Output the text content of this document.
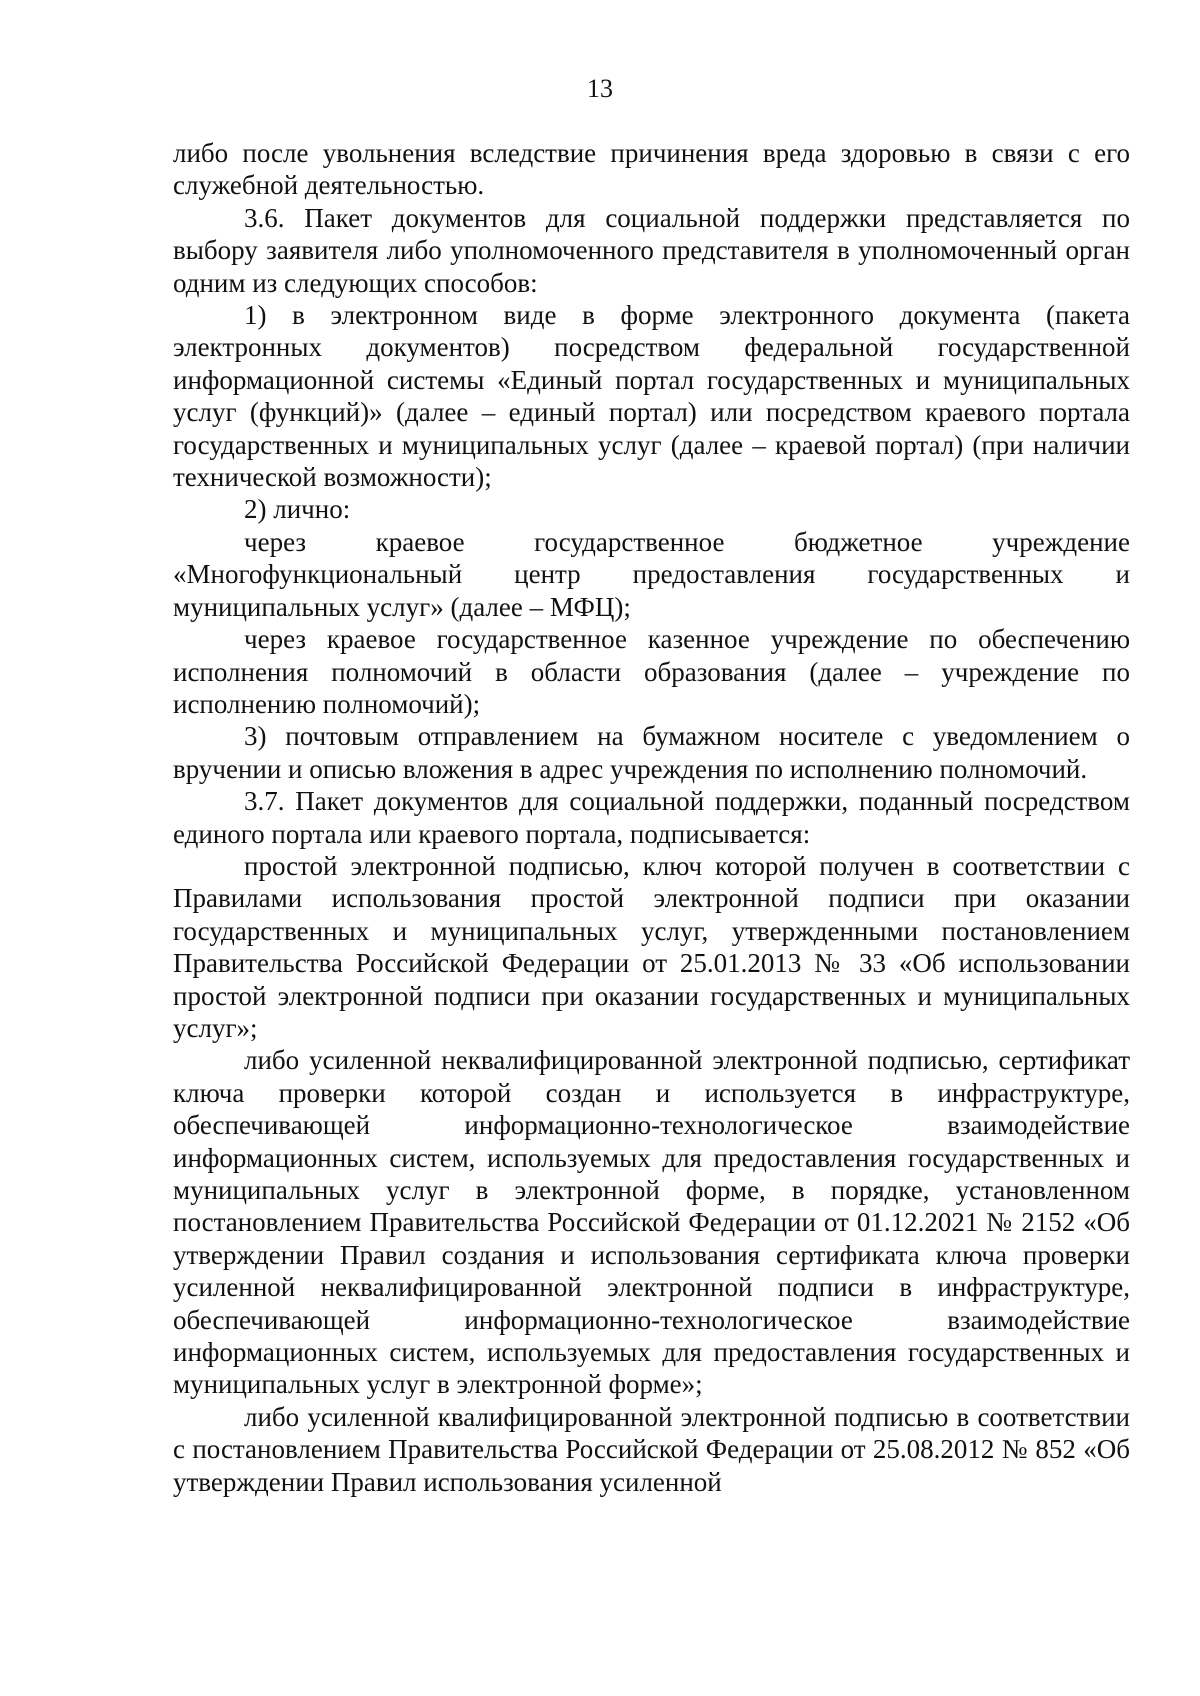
13

либо после увольнения вследствие причинения вреда здоровью в связи с его служебной деятельностью.

3.6. Пакет документов для социальной поддержки представляется по выбору заявителя либо уполномоченного представителя в уполномоченный орган одним из следующих способов:

1) в электронном виде в форме электронного документа (пакета электронных документов) посредством федеральной государственной информационной системы «Единый портал государственных и муниципальных услуг (функций)» (далее – единый портал) или посредством краевого портала государственных и муниципальных услуг (далее – краевой портал) (при наличии технической возможности);

2) лично:

через краевое государственное бюджетное учреждение «Многофункциональный центр предоставления государственных и муниципальных услуг» (далее – МФЦ);

через краевое государственное казенное учреждение по обеспечению исполнения полномочий в области образования (далее – учреждение по исполнению полномочий);

3) почтовым отправлением на бумажном носителе с уведомлением о вручении и описью вложения в адрес учреждения по исполнению полномочий.

3.7. Пакет документов для социальной поддержки, поданный посредством единого портала или краевого портала, подписывается:

простой электронной подписью, ключ которой получен в соответствии с Правилами использования простой электронной подписи при оказании государственных и муниципальных услуг, утвержденными постановлением Правительства Российской Федерации от 25.01.2013 № 33 «Об использовании простой электронной подписи при оказании государственных и муниципальных услуг»;

либо усиленной неквалифицированной электронной подписью, сертификат ключа проверки которой создан и используется в инфраструктуре, обеспечивающей информационно-технологическое взаимодействие информационных систем, используемых для предоставления государственных и муниципальных услуг в электронной форме, в порядке, установленном постановлением Правительства Российской Федерации от 01.12.2021 № 2152 «Об утверждении Правил создания и использования сертификата ключа проверки усиленной неквалифицированной электронной подписи в инфраструктуре, обеспечивающей информационно-технологическое взаимодействие информационных систем, используемых для предоставления государственных и муниципальных услуг в электронной форме»;

либо усиленной квалифицированной электронной подписью в соответствии с постановлением Правительства Российской Федерации от 25.08.2012 № 852 «Об утверждении Правил использования усиленной
